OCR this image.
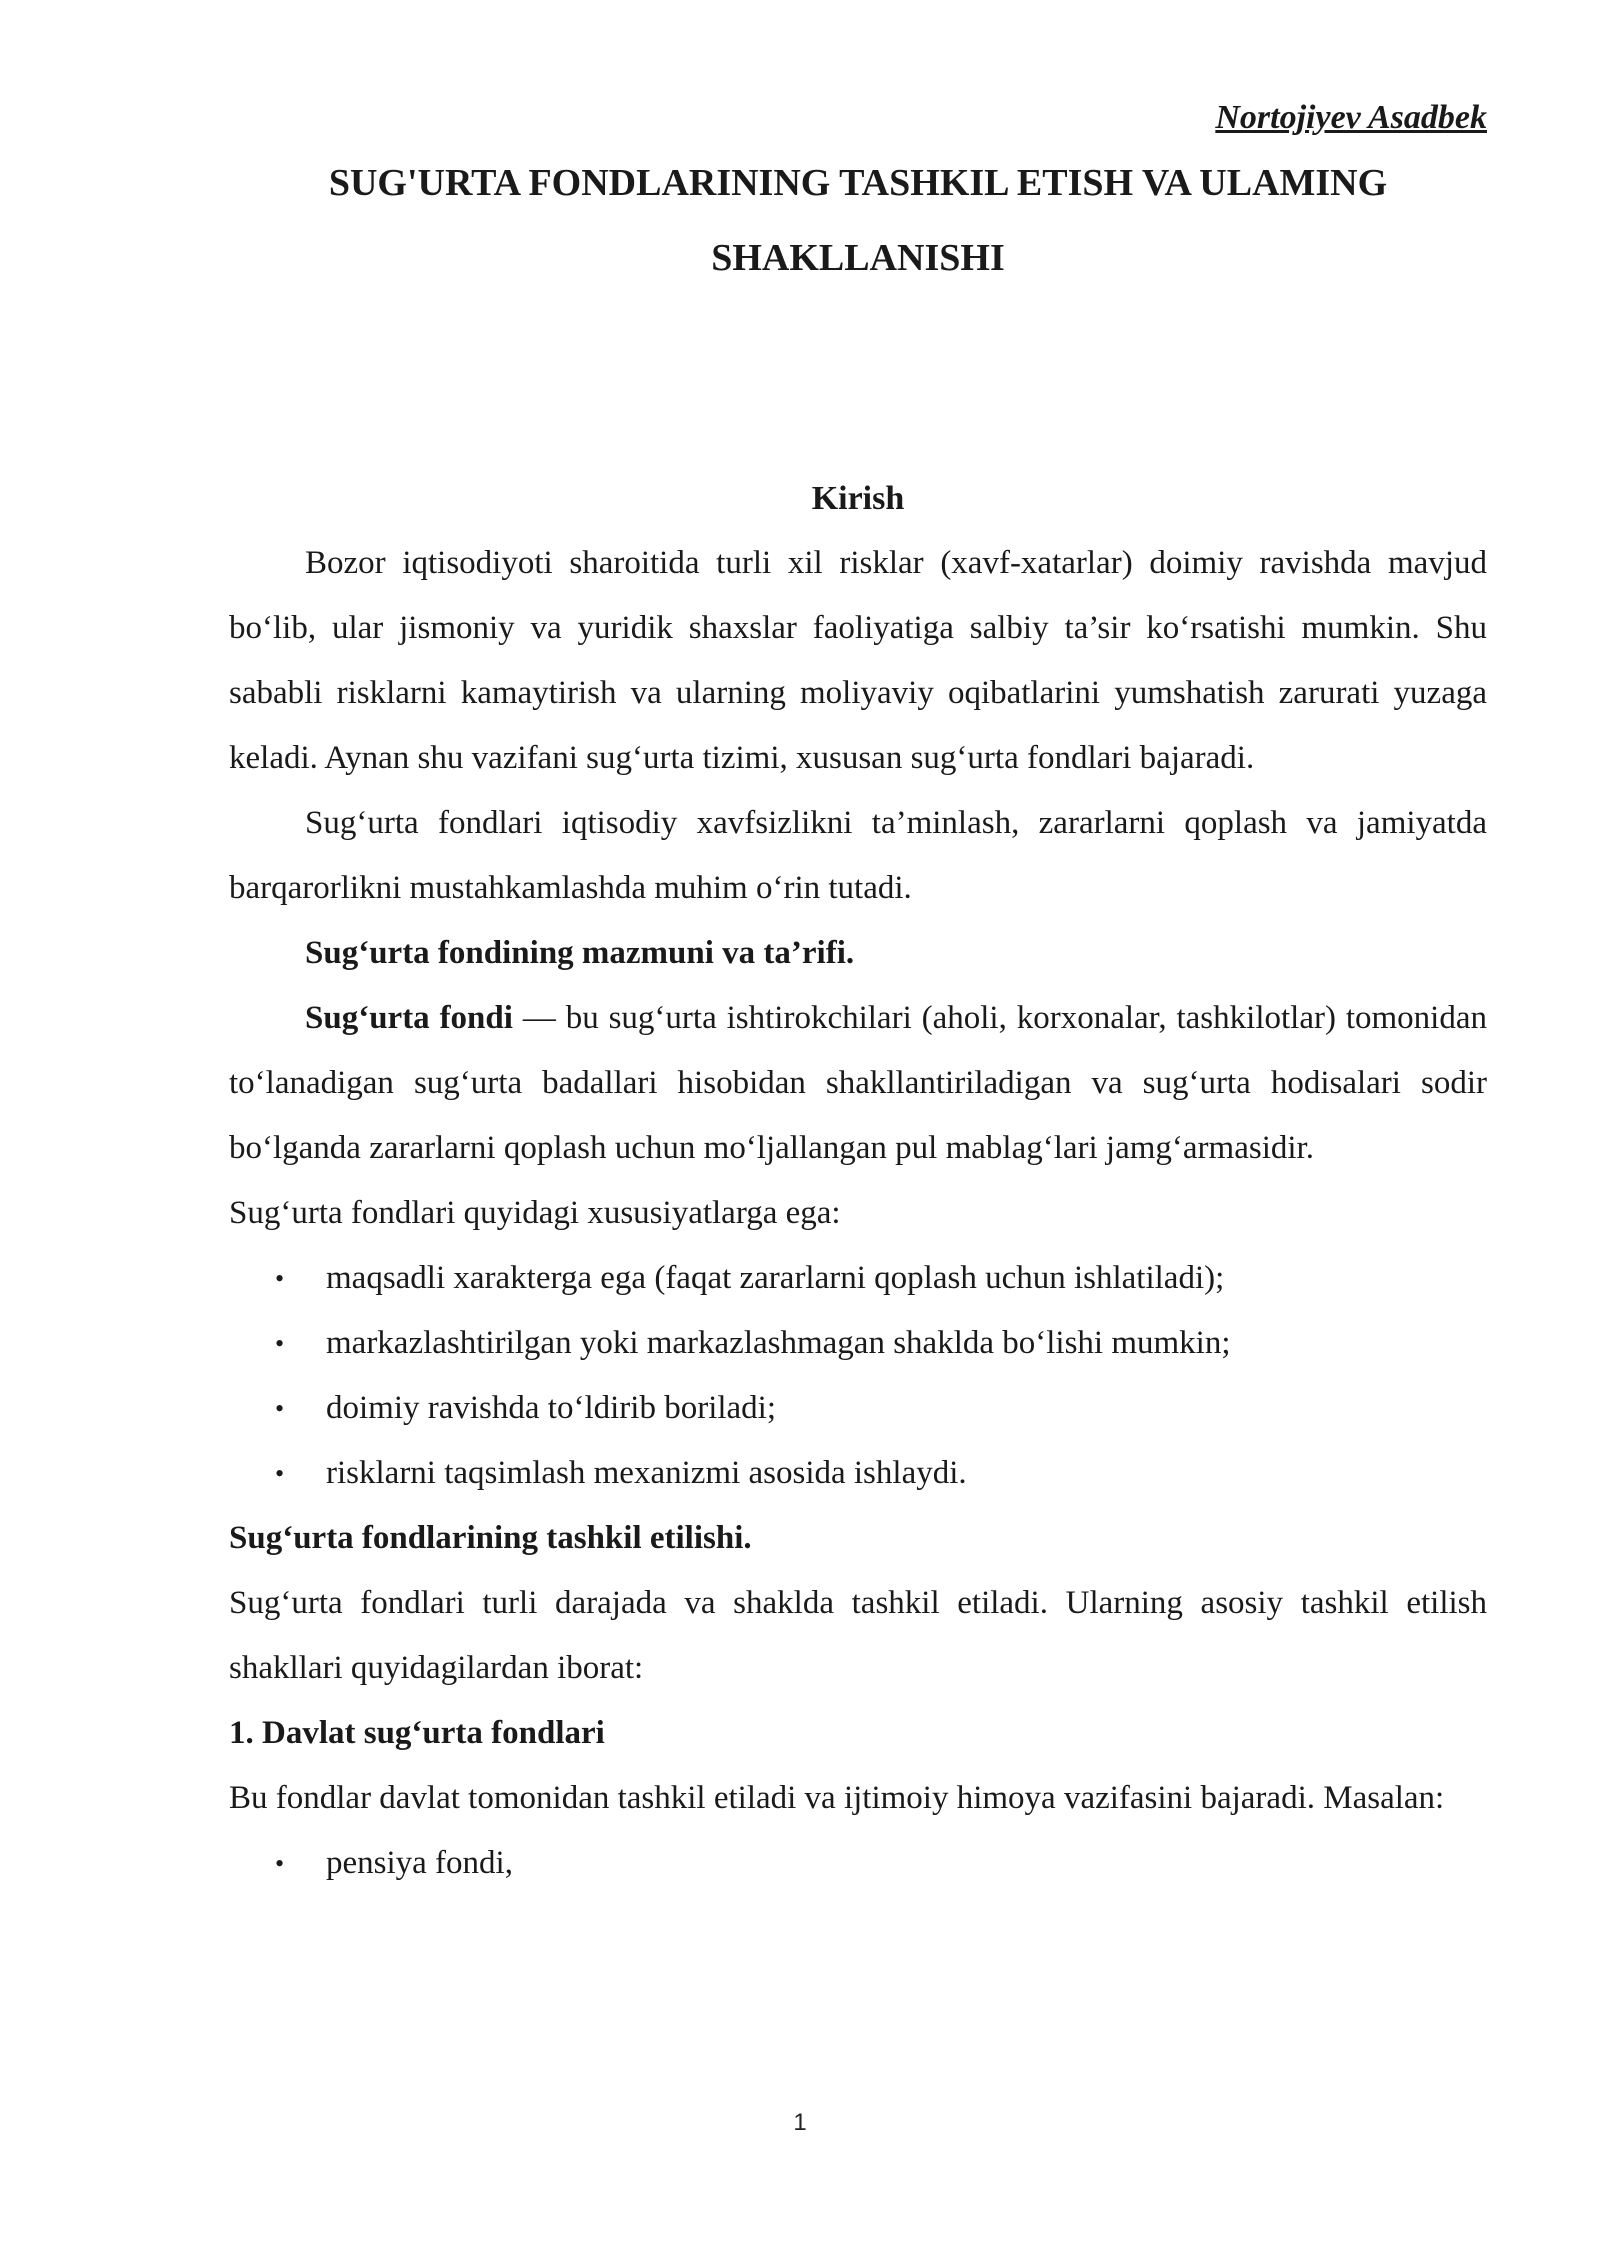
Nortojiyev Asadbek

SUG'URTA FONDLARINING TASHKIL ETISH VA ULAMING
SHAKLLANISHI
Kirish

Bozor iqtisodiyoti sharoitida turli xil risklar (xavf-xatarlar) doimiy ravishda mavjud bo‘lib, ular jismoniy va yuridik shaxslar faoliyatiga salbiy ta’sir ko‘rsatishi mumkin. Shu sababli risklarni kamaytirish va ularning moliyaviy oqibatlarini yumshatish zarurati yuzaga keladi. Aynan shu vazifani sug‘urta tizimi, xususan sug‘urta fondlari bajaradi.

Sug‘urta fondlari iqtisodiy xavfsizlikni ta’minlash, zararlarni qoplash va jamiyatda barqarorlikni mustahkamlashda muhim o‘rin tutadi.

Sug‘urta fondining mazmuni va ta’rifi.

Sug‘urta fondi — bu sug‘urta ishtirokchilari (aholi, korxonalar, tashkilotlar) tomonidan to‘lanadigan sug‘urta badallari hisobidan shakllantiriladigan va sug‘urta hodisalari sodir bo‘lganda zararlarni qoplash uchun mo‘ljallangan pul mablag‘lari jamg‘armasidir.

Sug‘urta fondlari quyidagi xususiyatlarga ega:

• maqsadli xarakterga ega (faqat zararlarni qoplash uchun ishlatiladi);
• markazlashtirilgan yoki markazlashmagan shaklda bo‘lishi mumkin;
• doimiy ravishda to‘ldirib boriladi;
• risklarni taqsimlash mexanizmi asosida ishlaydi.

Sug‘urta fondlarining tashkil etilishi.

Sug‘urta fondlari turli darajada va shaklda tashkil etiladi. Ularning asosiy tashkil etilish shakllari quyidagilardan iborat:

1. Davlat sug‘urta fondlari

Bu fondlar davlat tomonidan tashkil etiladi va ijtimoiy himoya vazifasini bajaradi. Masalan:

• pensiya fondi,
1
